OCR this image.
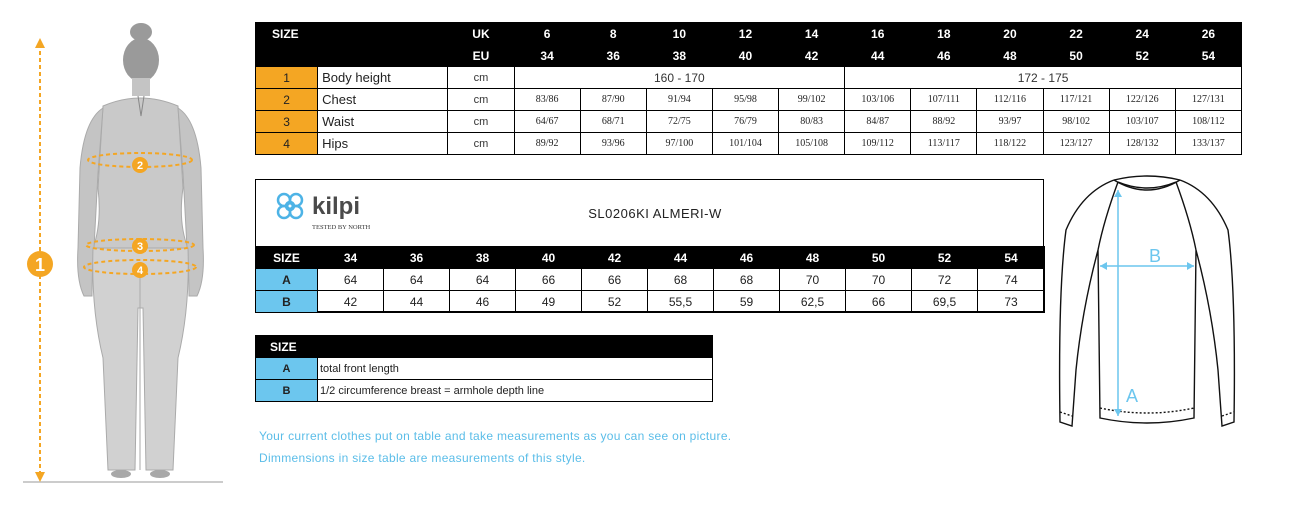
1
2
3
4
SIZE		UK	6	8	10	12	14	16	18	20	22	24	26
		EU	34	36	38	40	42	44	46	48	50	52	54
1	Body height	cm	160 - 170					172 - 175					
2	Chest	cm	83/86	87/90	91/94	95/98	99/102	103/106	107/111	112/116	117/121	122/126	127/131
3	Waist	cm	64/67	68/71	72/75	76/79	80/83	84/87	88/92	93/97	98/102	103/107	108/112
4	Hips	cm	89/92	93/96	97/100	101/104	105/108	109/112	113/117	118/122	123/127	128/132	133/137
kilpi
TESTED BY NORTH
SL0206KI ALMERI-W
SIZE	34	36	38	40	42	44	46	48	50	52	54
A	64	64	64	66	66	68	68	70	70	72	74
B	42	44	46	49	52	55,5	59	62,5	66	69,5	73
SIZE	
A	total front length
B	1/2 circumference breast = armhole depth line
Your current clothes put on table and take measurements as you can see on picture.
Dimmensions in size table are measurements of this style.
B
A
